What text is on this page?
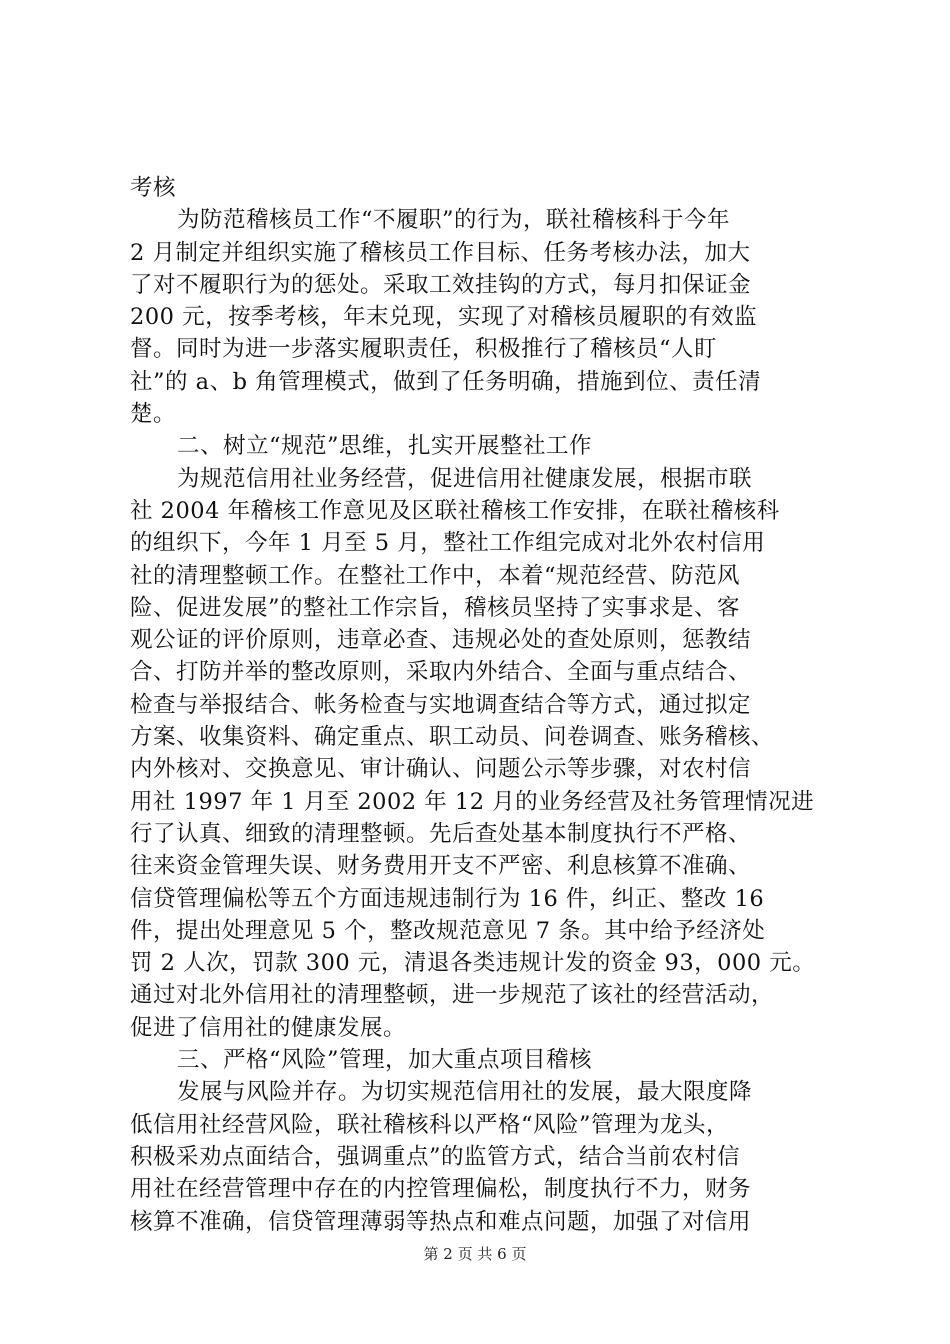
考核
为防范稽核员工作“不履职”的行为，联社稽核科于今年
2 月制定并组织实施了稽核员工作目标、任务考核办法，加大
了对不履职行为的惩处。采取工效挂钩的方式，每月扣保证金
200 元，按季考核，年末兑现，实现了对稽核员履职的有效监
督。同时为进一步落实履职责任，积极推行了稽核员“人盯
社”的 a、b 角管理模式，做到了任务明确，措施到位、责任清
楚。
二、树立“规范”思维，扎实开展整社工作
为规范信用社业务经营，促进信用社健康发展，根据市联
社 2004 年稽核工作意见及区联社稽核工作安排，在联社稽核科
的组织下，今年 1 月至 5 月，整社工作组完成对北外农村信用
社的清理整顿工作。在整社工作中，本着“规范经营、防范风
险、促进发展”的整社工作宗旨，稽核员坚持了实事求是、客
观公证的评价原则，违章必查、违规必处的查处原则，惩教结
合、打防并举的整改原则，采取内外结合、全面与重点结合、
检查与举报结合、帐务检查与实地调查结合等方式，通过拟定
方案、收集资料、确定重点、职工动员、问卷调查、账务稽核、
内外核对、交换意见、审计确认、问题公示等步骤，对农村信
用社 1997 年 1 月至 2002 年 12 月的业务经营及社务管理情况进
行了认真、细致的清理整顿。先后查处基本制度执行不严格、
往来资金管理失误、财务费用开支不严密、利息核算不准确、
信贷管理偏松等五个方面违规违制行为 16 件，纠正、整改 16
件，提出处理意见 5 个，整改规范意见 7 条。其中给予经济处
罚 2 人次，罚款 300 元，清退各类违规计发的资金 93，000 元。
通过对北外信用社的清理整顿，进一步规范了该社的经营活动，
促进了信用社的健康发展。
三、严格“风险”管理，加大重点项目稽核
发展与风险并存。为切实规范信用社的发展，最大限度降
低信用社经营风险，联社稽核科以严格“风险”管理为龙头，
积极采劝点面结合，强调重点”的监管方式，结合当前农村信
用社在经营管理中存在的内控管理偏松，制度执行不力，财务
核算不准确，信贷管理薄弱等热点和难点问题，加强了对信用
第 2 页 共 6 页
